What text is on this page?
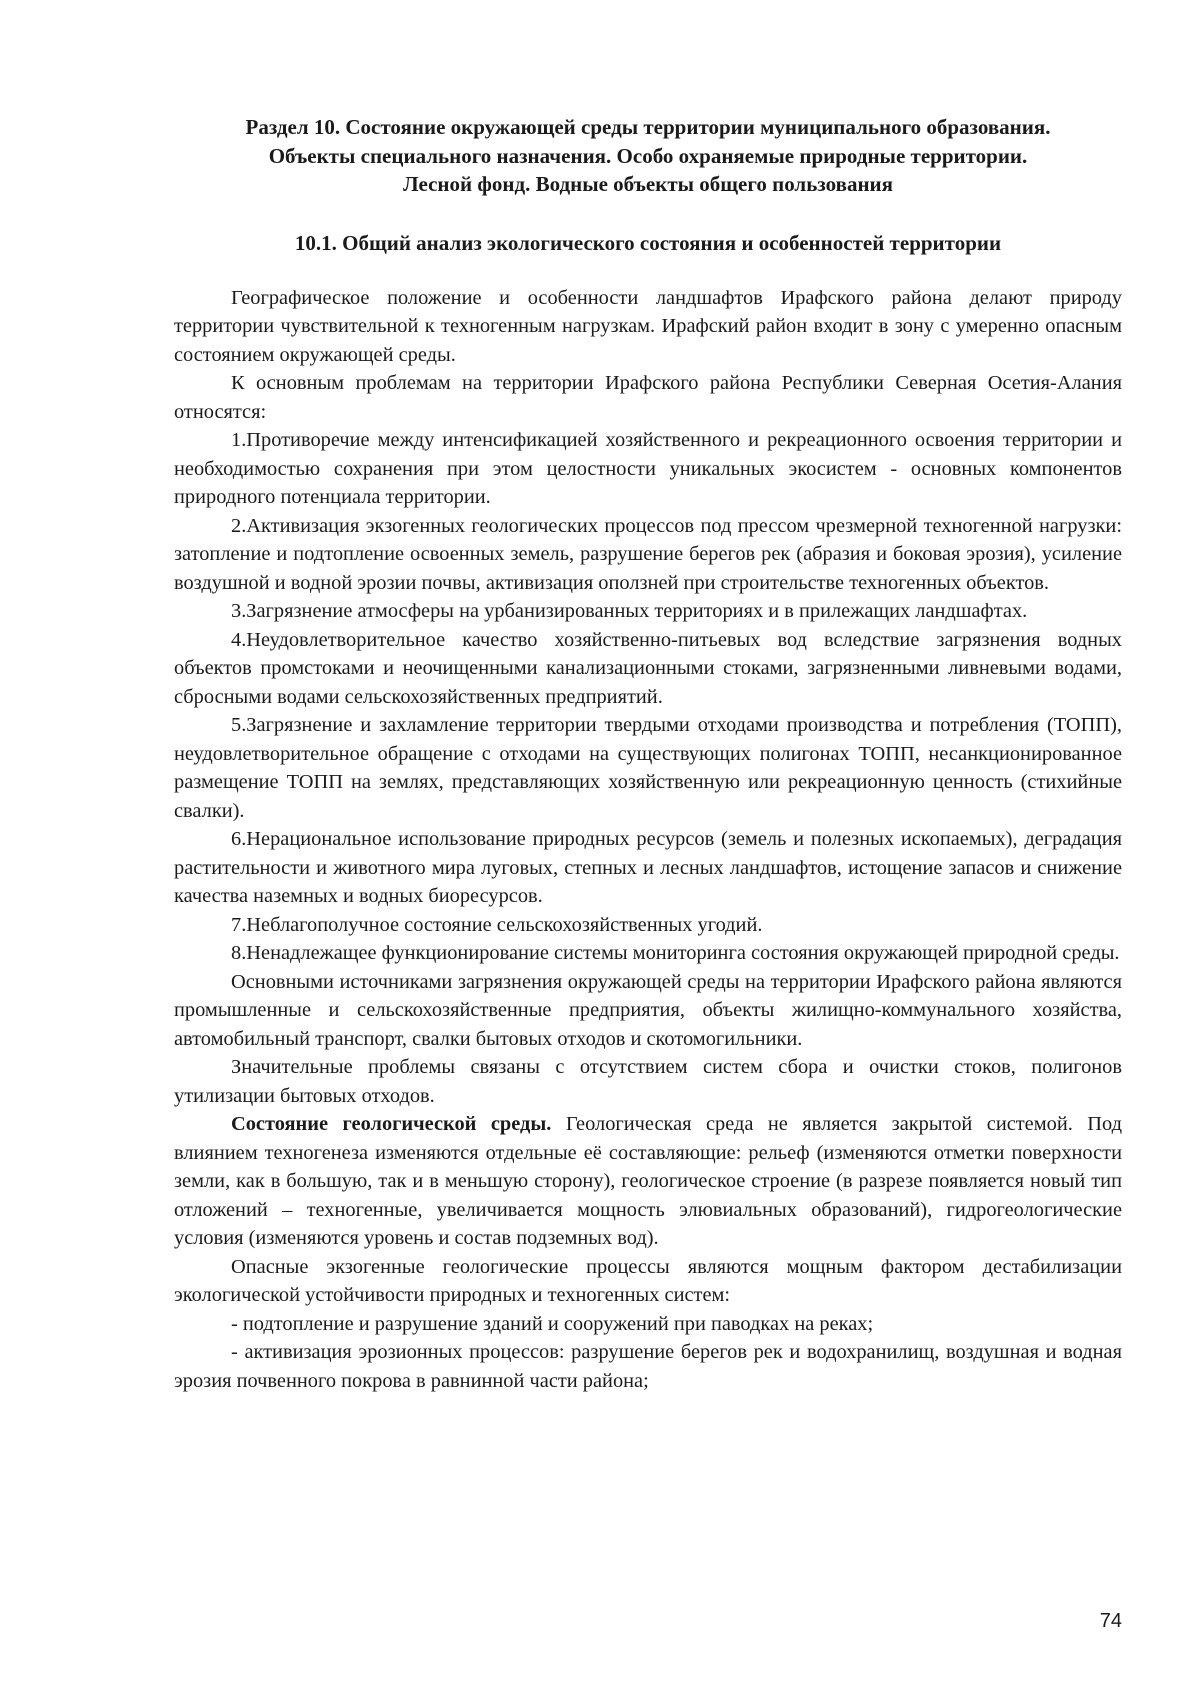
Раздел 10. Состояние окружающей среды территории муниципального образования.
Объекты специального назначения. Особо охраняемые природные территории.
Лесной фонд. Водные объекты общего пользования

10.1. Общий анализ экологического состояния и особенностей территории

Географическое положение и особенности ландшафтов Ирафского района делают природу территории чувствительной к техногенным нагрузкам. Ирафский район входит в зону с умеренно опасным состоянием окружающей среды.

К основным проблемам на территории Ирафского района Республики Северная Осетия-Алания относятся:

1.Противоречие между интенсификацией хозяйственного и рекреационного освоения территории и необходимостью сохранения при этом целостности уникальных экосистем - основных компонентов природного потенциала территории.

2.Активизация экзогенных геологических процессов под прессом чрезмерной техногенной нагрузки: затопление и подтопление освоенных земель, разрушение берегов рек (абразия и боковая эрозия), усиление воздушной и водной эрозии почвы, активизация оползней при строительстве техногенных объектов.

3.Загрязнение атмосферы на урбанизированных территориях и в прилежащих ландшафтах.

4.Неудовлетворительное качество хозяйственно-питьевых вод вследствие загрязнения водных объектов промстоками и неочищенными канализационными стоками, загрязненными ливневыми водами, сбросными водами сельскохозяйственных предприятий.

5.Загрязнение и захламление территории твердыми отходами производства и потребления (ТОПП), неудовлетворительное обращение с отходами на существующих полигонах ТОПП, несанкционированное размещение ТОПП на землях, представляющих хозяйственную или рекреационную ценность (стихийные свалки).

6.Нерациональное использование природных ресурсов (земель и полезных ископаемых), деградация растительности и животного мира луговых, степных и лесных ландшафтов, истощение запасов и снижение качества наземных и водных биоресурсов.

7.Неблагополучное состояние сельскохозяйственных угодий.

8.Ненадлежащее функционирование системы мониторинга состояния окружающей природной среды.

Основными источниками загрязнения окружающей среды на территории Ирафского района являются промышленные и сельскохозяйственные предприятия, объекты жилищно-коммунального хозяйства, автомобильный транспорт, свалки бытовых отходов и скотомогильники.

Значительные проблемы связаны с отсутствием систем сбора и очистки стоков, полигонов утилизации бытовых отходов.

Состояние геологической среды. Геологическая среда не является закрытой системой. Под влиянием техногенеза изменяются отдельные её составляющие: рельеф (изменяются отметки поверхности земли, как в большую, так и в меньшую сторону), геологическое строение (в разрезе появляется новый тип отложений – техногенные, увеличивается мощность элювиальных образований), гидрогеологические условия (изменяются уровень и состав подземных вод).

Опасные экзогенные геологические процессы являются мощным фактором дестабилизации экологической устойчивости природных и техногенных систем:

- подтопление и разрушение зданий и сооружений при паводках на реках;

- активизация эрозионных процессов: разрушение берегов рек и водохранилищ, воздушная и водная эрозия почвенного покрова в равнинной части района;

74
